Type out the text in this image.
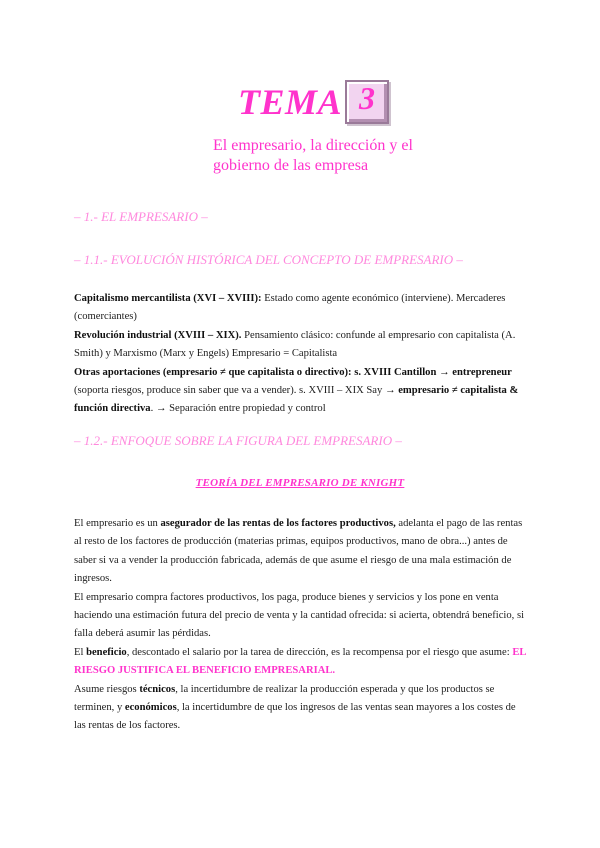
TEMA 3
El empresario, la dirección y el
gobierno de las empresa
– 1.- EL EMPRESARIO –
– 1.1.- EVOLUCIÓN HISTÓRICA DEL CONCEPTO DE EMPRESARIO –
Capitalismo mercantilista (XVI – XVIII): Estado como agente económico (interviene). Mercaderes (comerciantes)
Revolución industrial (XVIII – XIX). Pensamiento clásico: confunde al empresario con capitalista (A. Smith) y Marxismo (Marx y Engels) Empresario = Capitalista
Otras aportaciones (empresario ≠ que capitalista o directivo): s. XVIII Cantillon → entrepreneur (soporta riesgos, produce sin saber que va a vender). s. XVIII – XIX Say → empresario ≠ capitalista & función directiva. → Separación entre propiedad y control
– 1.2.- ENFOQUE SOBRE LA FIGURA DEL EMPRESARIO –
TEORÍA DEL EMPRESARIO DE KNIGHT
El empresario es un asegurador de las rentas de los factores productivos, adelanta el pago de las rentas al resto de los factores de producción (materias primas, equipos productivos, mano de obra...) antes de saber si va a vender la producción fabricada, además de que asume el riesgo de una mala estimación de ingresos.
El empresario compra factores productivos, los paga, produce bienes y servicios y los pone en venta haciendo una estimación futura del precio de venta y la cantidad ofrecida: si acierta, obtendrá beneficio, si falla deberá asumir las pérdidas.
El beneficio, descontado el salario por la tarea de dirección, es la recompensa por el riesgo que asume: EL RIESGO JUSTIFICA EL BENEFICIO EMPRESARIAL.
Asume riesgos técnicos, la incertidumbre de realizar la producción esperada y que los productos se terminen, y económicos, la incertidumbre de que los ingresos de las ventas sean mayores a los costes de las rentas de los factores.
